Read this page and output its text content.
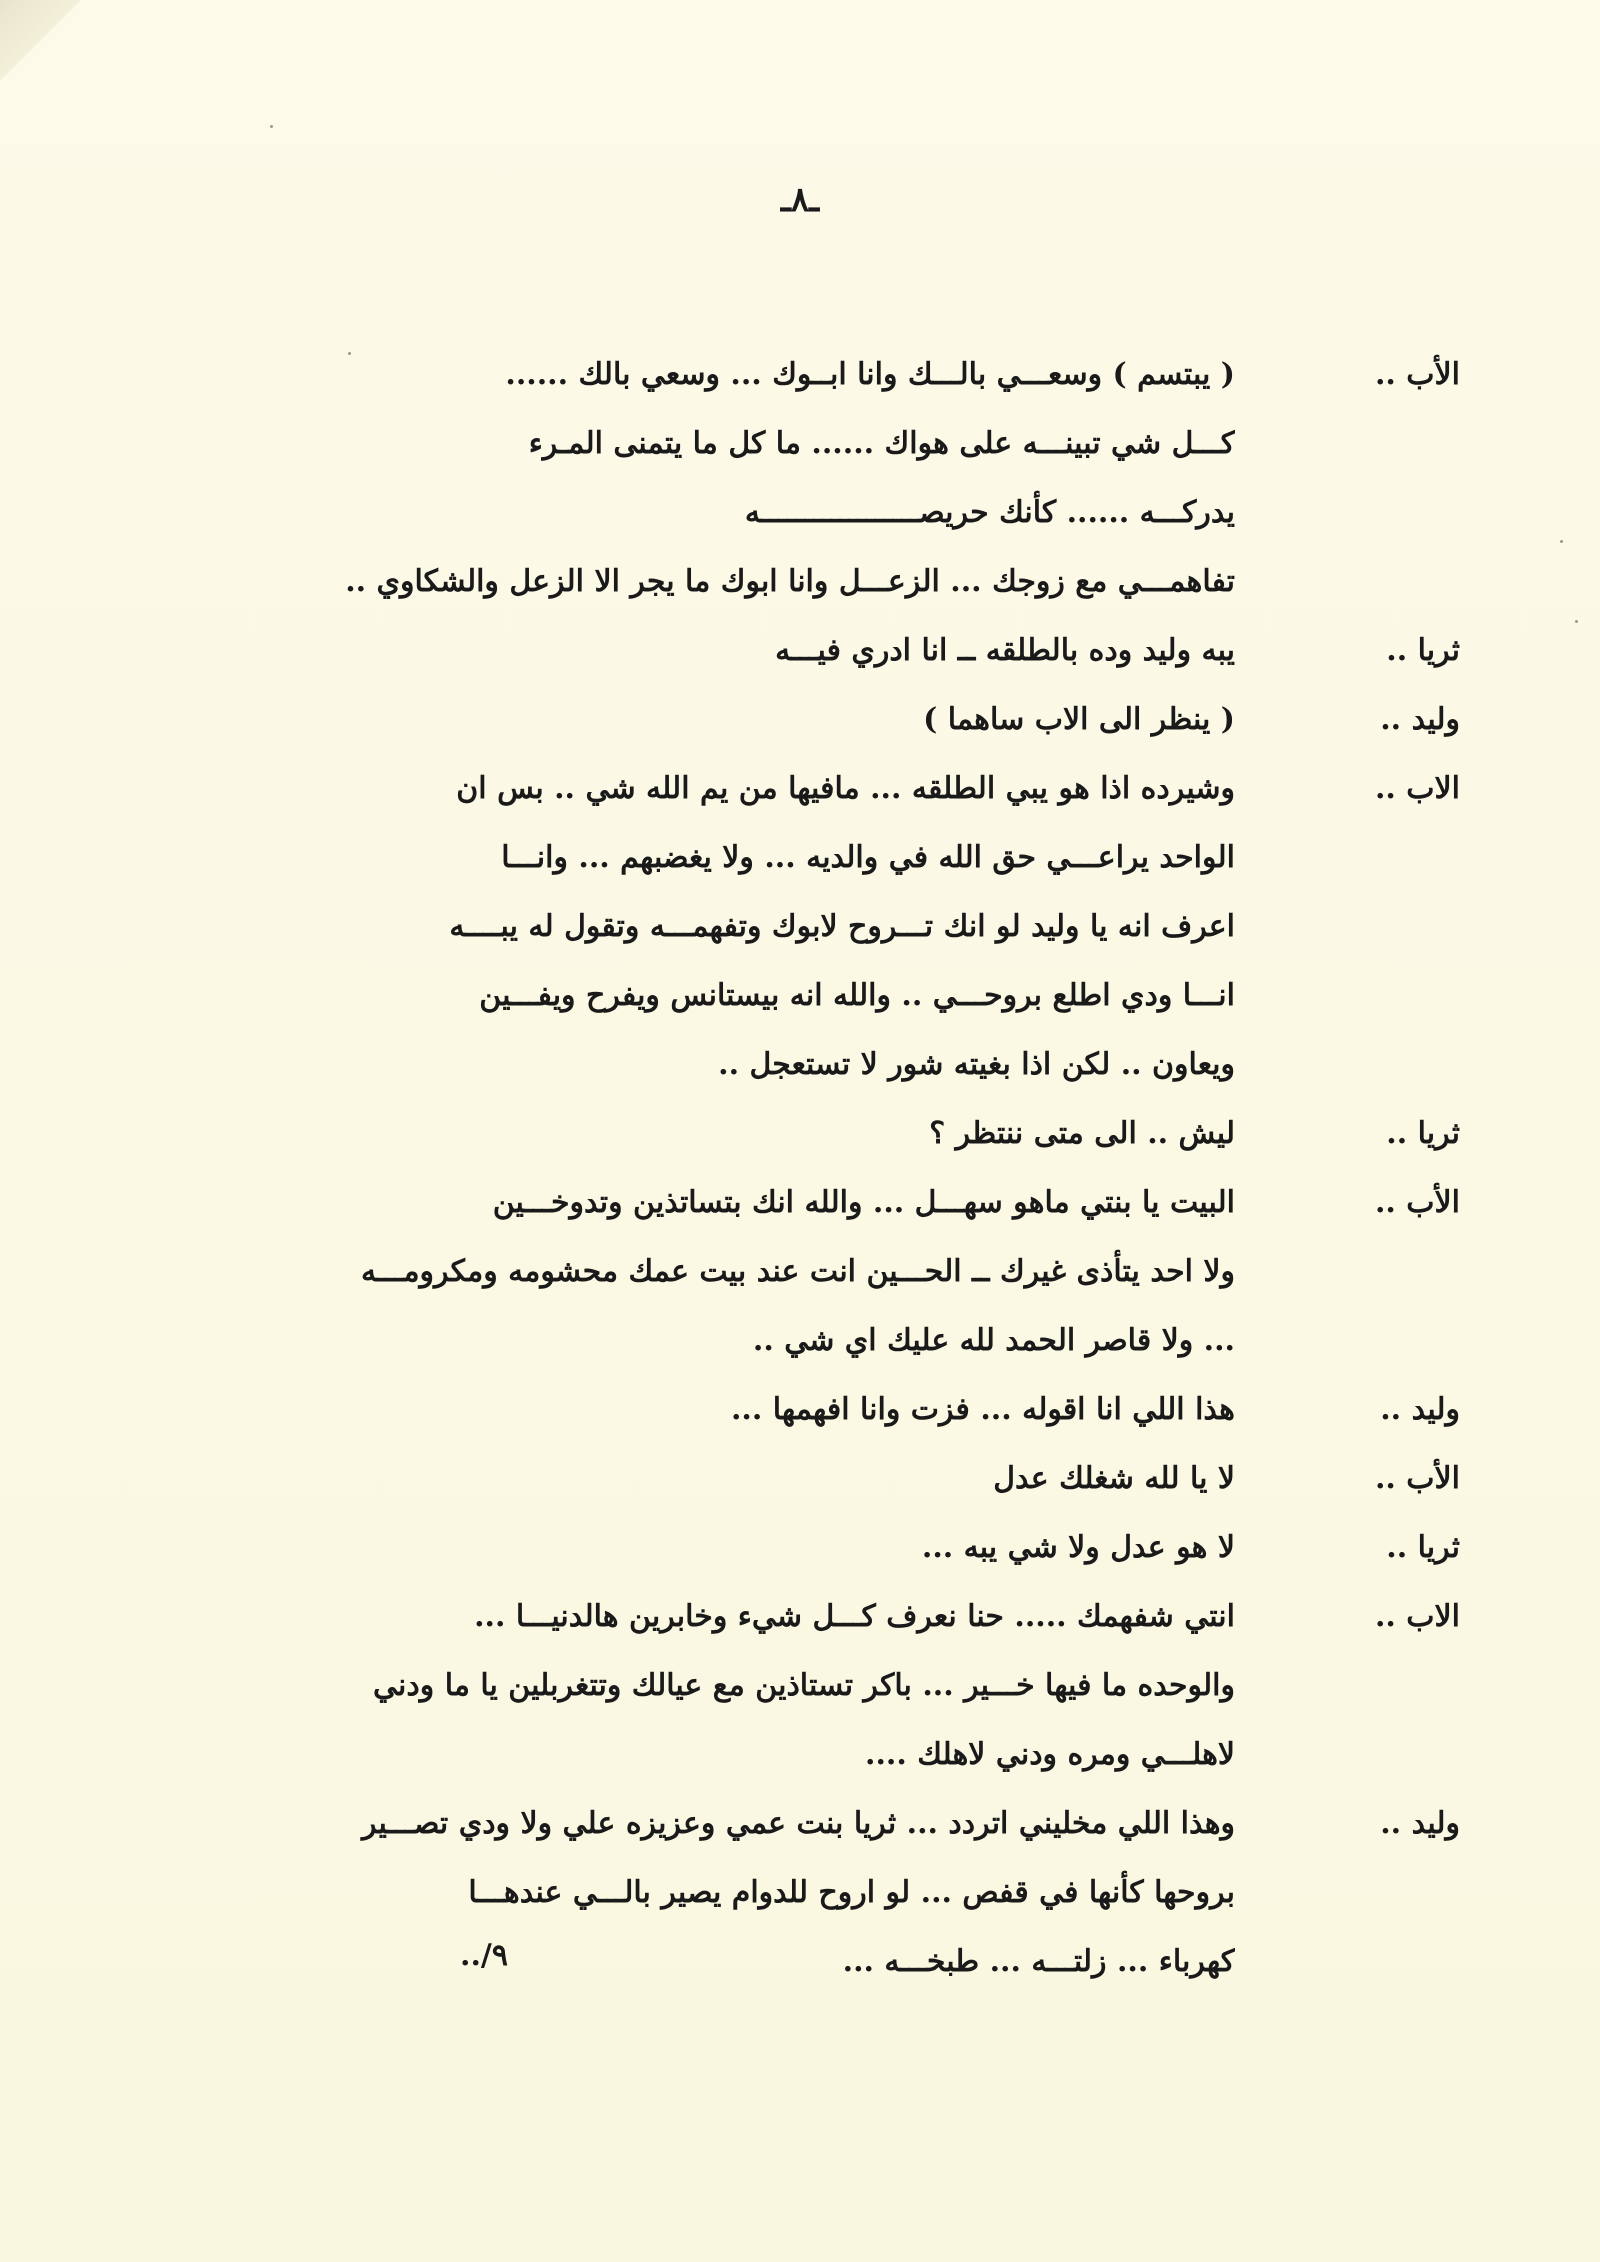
ـ٨ـ
الأب ..
( يبتسم ) وسعـــي بالـــك وانا ابــوك ... وسعي بالك ......
كـــل شي تبينـــه على هواك ...... ما كل ما يتمنى المـرء
يدركـــه ...... كأنك حريصــــــــــــــــــه
تفاهمـــي مع زوجك ... الزعـــل وانا ابوك ما يجر الا الزعل والشكاوي ..
ثريا ..
يبه وليد وده بالطلقه ــ انا ادري فيـــه
وليد ..
( ينظر الى الاب ساهما )
الاب ..
وشيرده اذا هو يبي الطلقه ... مافيها من يم الله شي .. بس ان
الواحد يراعـــي حق الله في والديه ... ولا يغضبهم ... وانـــا
اعرف انه يا وليد لو انك تـــروح لابوك وتفهمـــه وتقول له يبــــه
انـــا ودي اطلع بروحـــي .. والله انه بيستانس ويفرح ويفـــين
ويعاون .. لكن اذا بغيته شور لا تستعجل ..
ثريا ..
ليش .. الى متى ننتظر ؟
الأب ..
البيت يا بنتي ماهو سهـــل ... والله انك بتساتذين وتدوخـــين
ولا احد يتأذى غيرك ــ الحـــين انت عند بيت عمك محشومه ومكرومـــه
... ولا قاصر الحمد لله عليك اي شي ..
وليد ..
هذا اللي انا اقوله ... فزت وانا افهمها ...
الأب ..
لا يا لله شغلك عدل
ثريا ..
لا هو عدل ولا شي يبه ...
الاب ..
انتي شفهمك ..... حنا نعرف كـــل شيء وخابرين هالدنيـــا ...
والوحده ما فيها خـــير ... باكر تستاذين مع عيالك وتتغربلين يا ما ودني
لاهلـــي ومره ودني لاهلك ....
وليد ..
وهذا اللي مخليني اتردد ... ثريا بنت عمي وعزيزه علي ولا ودي تصـــير
بروحها كأنها في قفص ... لو اروح للدوام يصير بالـــي عندهـــا
كهرباء ... زلتـــه ... طبخـــه ...
٩/..
